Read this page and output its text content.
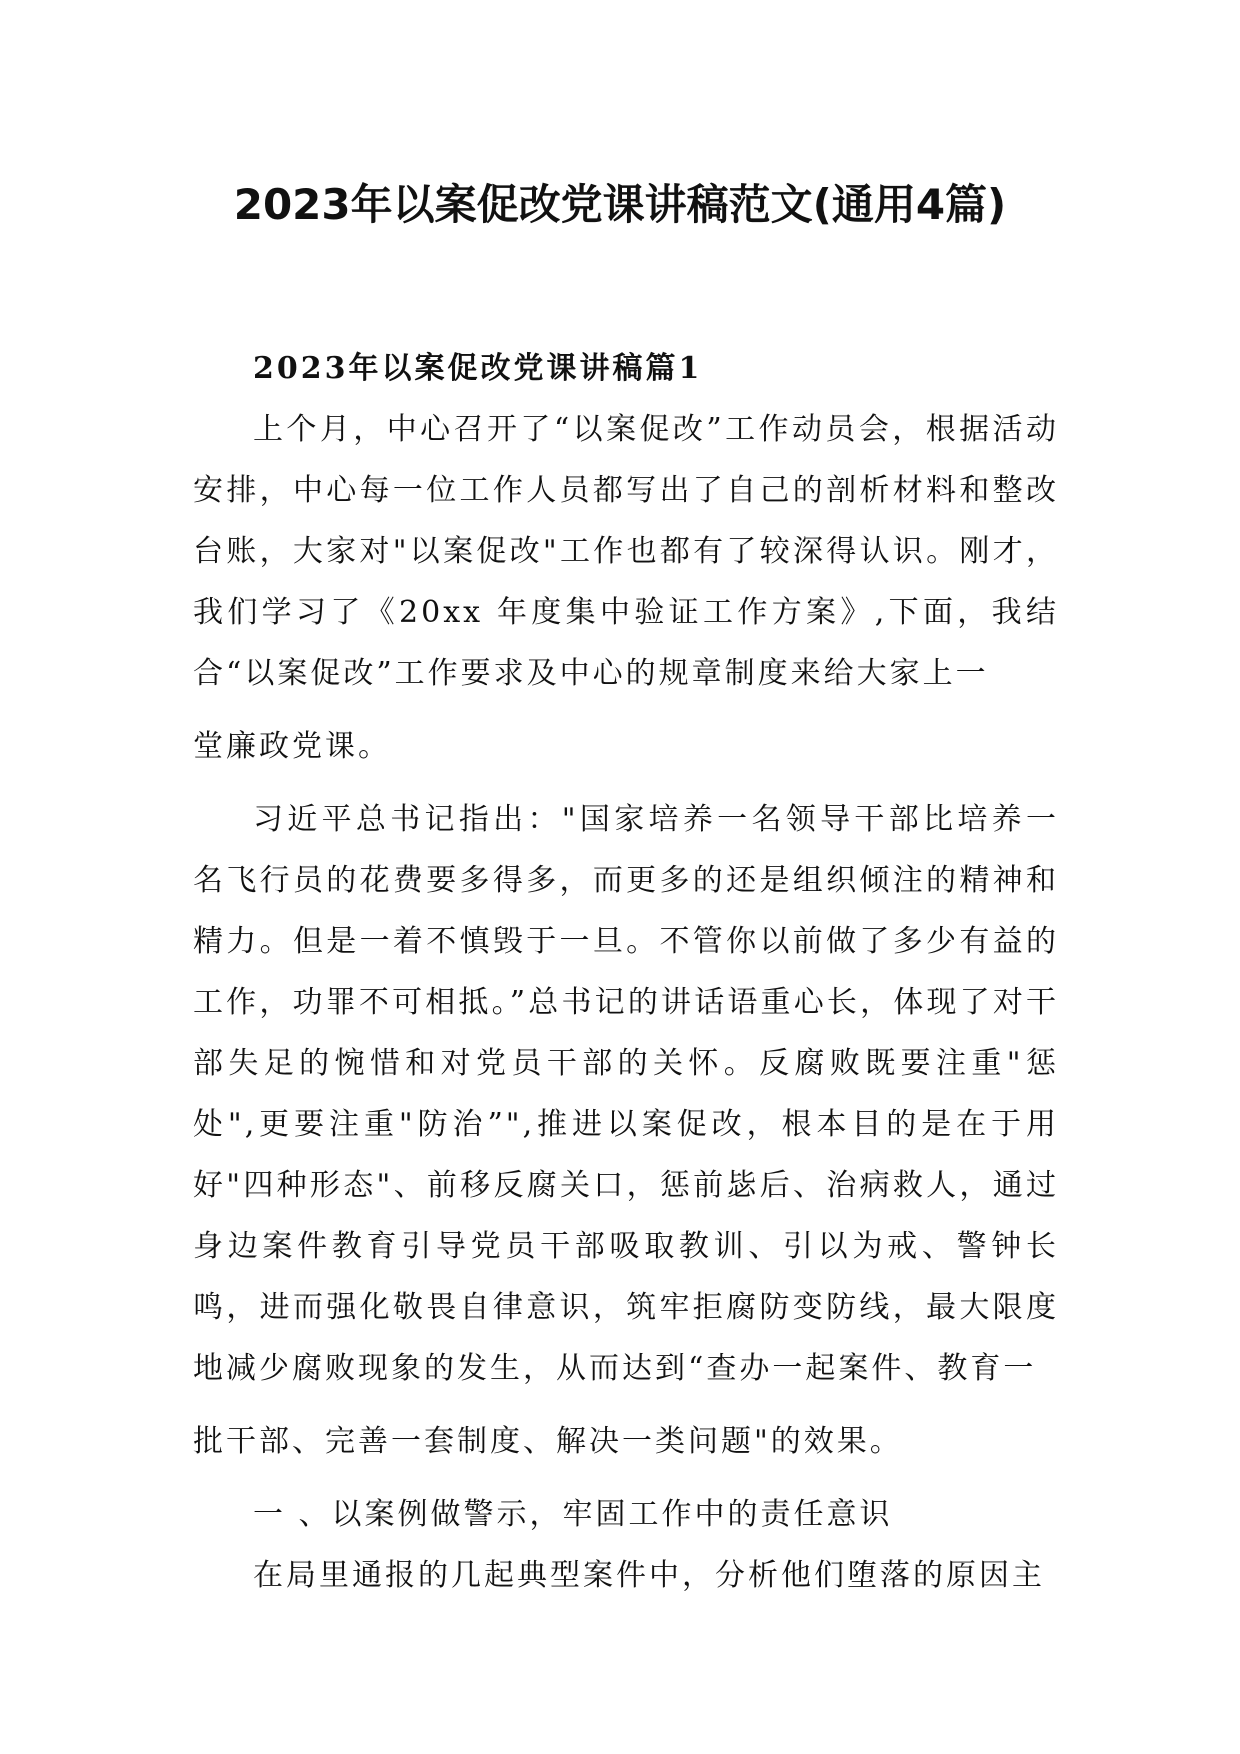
2023年以案促改党课讲稿范文(通用4篇)

2023年以案促改党课讲稿篇1

上个月，中心召开了“以案促改”工作动员会，根据活动安排，中心每一位工作人员都写出了自己的剖析材料和整改台账，大家对"以案促改"工作也都有了较深得认识。刚才，我们学习了《20xx 年度集中验证工作方案》,下面，我结合“以案促改”工作要求及中心的规章制度来给大家上一

堂廉政党课。

习近平总书记指出："国家培养一名领导干部比培养一名飞行员的花费要多得多，而更多的还是组织倾注的精神和精力。但是一着不慎毁于一旦。不管你以前做了多少有益的工作，功罪不可相抵。”总书记的讲话语重心长，体现了对干部失足的惋惜和对党员干部的关怀。反腐败既要注重"惩处",更要注重"防治”",推进以案促改，根本目的是在于用好"四种形态"、前移反腐关口，惩前毖后、治病救人，通过身边案件教育引导党员干部吸取教训、引以为戒、警钟长鸣，进而强化敬畏自律意识，筑牢拒腐防变防线，最大限度地减少腐败现象的发生，从而达到“查办一起案件、教育一

批干部、完善一套制度、解决一类问题"的效果。

一 、以案例做警示，牢固工作中的责任意识

在局里通报的几起典型案件中，分析他们堕落的原因主
